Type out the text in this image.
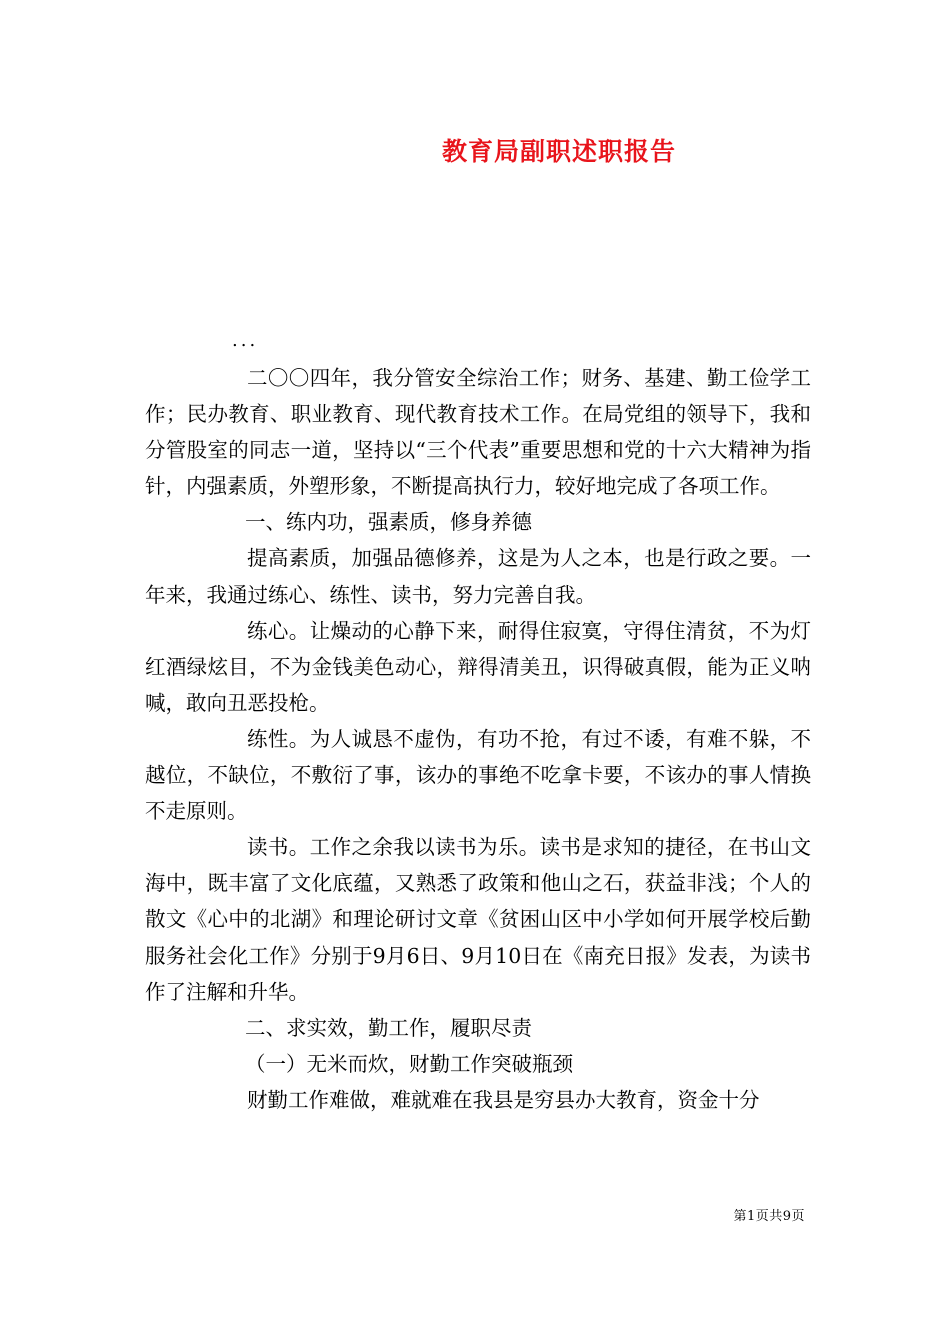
教育局副职述职报告
...

二〇〇四年，我分管安全综治工作；财务、基建、勤工俭学工作；民办教育、职业教育、现代教育技术工作。在局党组的领导下，我和分管股室的同志一道，坚持以“三个代表”重要思想和党的十六大精神为指针，内强素质，外塑形象，不断提高执行力，较好地完成了各项工作。

一、练内功，强素质，修身养德

提高素质，加强品德修养，这是为人之本，也是行政之要。一年来，我通过练心、练性、读书，努力完善自我。

练心。让燥动的心静下来，耐得住寂寞，守得住清贫，不为灯红酒绿炫目，不为金钱美色动心，辩得清美丑，识得破真假，能为正义呐喊，敢向丑恶投枪。

练性。为人诚恳不虚伪，有功不抢，有过不诿，有难不躲，不越位，不缺位，不敷衍了事，该办的事绝不吃拿卡要，不该办的事人情换不走原则。

读书。工作之余我以读书为乐。读书是求知的捷径，在书山文海中，既丰富了文化底蕴，又熟悉了政策和他山之石，获益非浅；个人的散文《心中的北湖》和理论研讨文章《贫困山区中小学如何开展学校后勤服务社会化工作》分别于9月6日、9月10日在《南充日报》发表，为读书作了注解和升华。

二、求实效，勤工作，履职尽责

（一）无米而炊，财勤工作突破瓶颈

财勤工作难做，难就难在我县是穷县办大教育，资金十分

第1页共9页
